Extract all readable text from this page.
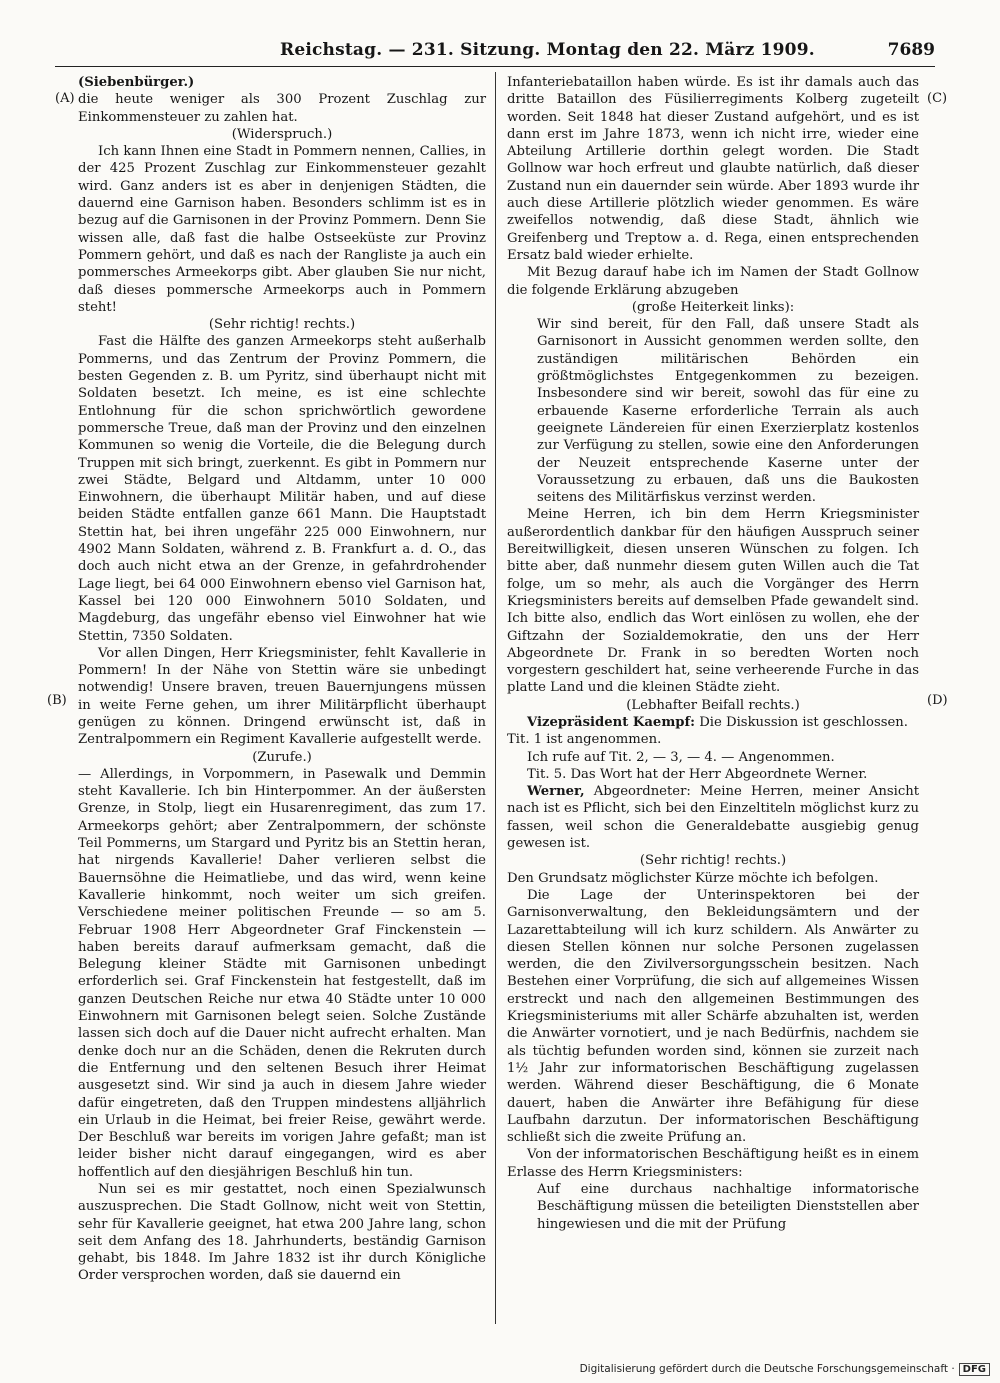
Reichstag. — 231. Sitzung. Montag den 22. März 1909.	7689
(A)
(B)
(C)
(D)

(Siebenbürger.)

die heute weniger als 300 Prozent Zuschlag zur Einkommensteuer zu zahlen hat.

(Widerspruch.)

Ich kann Ihnen eine Stadt in Pommern nennen, Callies, in der 425 Prozent Zuschlag zur Einkommensteuer gezahlt wird. Ganz anders ist es aber in denjenigen Städten, die dauernd eine Garnison haben. Besonders schlimm ist es in bezug auf die Garnisonen in der Provinz Pommern. Denn Sie wissen alle, daß fast die halbe Ostseeküste zur Provinz Pommern gehört, und daß es nach der Rangliste ja auch ein pommersches Armeekorps gibt. Aber glauben Sie nur nicht, daß dieses pommersche Armeekorps auch in Pommern steht!

(Sehr richtig! rechts.)

Fast die Hälfte des ganzen Armeekorps steht außerhalb Pommerns, und das Zentrum der Provinz Pommern, die besten Gegenden z. B. um Pyritz, sind überhaupt nicht mit Soldaten besetzt. Ich meine, es ist eine schlechte Entlohnung für die schon sprichwörtlich gewordene pommersche Treue, daß man der Provinz und den einzelnen Kommunen so wenig die Vorteile, die die Belegung durch Truppen mit sich bringt, zuerkennt. Es gibt in Pommern nur zwei Städte, Belgard und Altdamm, unter 10 000 Einwohnern, die überhaupt Militär haben, und auf diese beiden Städte entfallen ganze 661 Mann. Die Hauptstadt Stettin hat, bei ihren ungefähr 225 000 Einwohnern, nur 4902 Mann Soldaten, während z. B. Frankfurt a. d. O., das doch auch nicht etwa an der Grenze, in gefahrdrohender Lage liegt, bei 64 000 Einwohnern ebenso viel Garnison hat, Kassel bei 120 000 Einwohnern 5010 Soldaten, und Magdeburg, das ungefähr ebenso viel Einwohner hat wie Stettin, 7350 Soldaten.

Vor allen Dingen, Herr Kriegsminister, fehlt Kavallerie in Pommern! In der Nähe von Stettin wäre sie unbedingt notwendig! Unsere braven, treuen Bauernjungens müssen in weite Ferne gehen, um ihrer Militärpflicht überhaupt genügen zu können. Dringend erwünscht ist, daß in Zentralpommern ein Regiment Kavallerie aufgestellt werde.

(Zurufe.)

— Allerdings, in Vorpommern, in Pasewalk und Demmin steht Kavallerie. Ich bin Hinterpommer. An der äußersten Grenze, in Stolp, liegt ein Husarenregiment, das zum 17. Armeekorps gehört; aber Zentralpommern, der schönste Teil Pommerns, um Stargard und Pyritz bis an Stettin heran, hat nirgends Kavallerie! Daher verlieren selbst die Bauernsöhne die Heimatliebe, und das wird, wenn keine Kavallerie hinkommt, noch weiter um sich greifen. Verschiedene meiner politischen Freunde — so am 5. Februar 1908 Herr Abgeordneter Graf Finckenstein — haben bereits darauf aufmerksam gemacht, daß die Belegung kleiner Städte mit Garnisonen unbedingt erforderlich sei. Graf Finckenstein hat festgestellt, daß im ganzen Deutschen Reiche nur etwa 40 Städte unter 10 000 Einwohnern mit Garnisonen belegt seien. Solche Zustände lassen sich doch auf die Dauer nicht aufrecht erhalten. Man denke doch nur an die Schäden, denen die Rekruten durch die Entfernung und den seltenen Besuch ihrer Heimat ausgesetzt sind. Wir sind ja auch in diesem Jahre wieder dafür eingetreten, daß den Truppen mindestens alljährlich ein Urlaub in die Heimat, bei freier Reise, gewährt werde. Der Beschluß war bereits im vorigen Jahre gefaßt; man ist leider bisher nicht darauf eingegangen, wird es aber hoffentlich auf den diesjährigen Beschluß hin tun.

Nun sei es mir gestattet, noch einen Spezialwunsch auszusprechen. Die Stadt Gollnow, nicht weit von Stettin, sehr für Kavallerie geeignet, hat etwa 200 Jahre lang, schon seit dem Anfang des 18. Jahrhunderts, beständig Garnison gehabt, bis 1848. Im Jahre 1832 ist ihr durch Königliche Order versprochen worden, daß sie dauernd ein

Infanteriebataillon haben würde. Es ist ihr damals auch das dritte Bataillon des Füsilierregiments Kolberg zugeteilt worden. Seit 1848 hat dieser Zustand aufgehört, und es ist dann erst im Jahre 1873, wenn ich nicht irre, wieder eine Abteilung Artillerie dorthin gelegt worden. Die Stadt Gollnow war hoch erfreut und glaubte natürlich, daß dieser Zustand nun ein dauernder sein würde. Aber 1893 wurde ihr auch diese Artillerie plötzlich wieder genommen. Es wäre zweifellos notwendig, daß diese Stadt, ähnlich wie Greifenberg und Treptow a. d. Rega, einen entsprechenden Ersatz bald wieder erhielte.

Mit Bezug darauf habe ich im Namen der Stadt Gollnow die folgende Erklärung abzugeben

(große Heiterkeit links):

Wir sind bereit, für den Fall, daß unsere Stadt als Garnisonort in Aussicht genommen werden sollte, den zuständigen militärischen Behörden ein größtmöglichstes Entgegenkommen zu bezeigen. Insbesondere sind wir bereit, sowohl das für eine zu erbauende Kaserne erforderliche Terrain als auch geeignete Ländereien für einen Exerzierplatz kostenlos zur Verfügung zu stellen, sowie eine den Anforderungen der Neuzeit entsprechende Kaserne unter der Voraussetzung zu erbauen, daß uns die Baukosten seitens des Militärfiskus verzinst werden.

Meine Herren, ich bin dem Herrn Kriegsminister außerordentlich dankbar für den häufigen Ausspruch seiner Bereitwilligkeit, diesen unseren Wünschen zu folgen. Ich bitte aber, daß nunmehr diesem guten Willen auch die Tat folge, um so mehr, als auch die Vorgänger des Herrn Kriegsministers bereits auf demselben Pfade gewandelt sind. Ich bitte also, endlich das Wort einlösen zu wollen, ehe der Giftzahn der Sozialdemokratie, den uns der Herr Abgeordnete Dr. Frank in so beredten Worten noch vorgestern geschildert hat, seine verheerende Furche in das platte Land und die kleinen Städte zieht.

(Lebhafter Beifall rechts.)

Vizepräsident Kaempf: Die Diskussion ist geschlossen.

Tit. 1 ist angenommen.

Ich rufe auf Tit. 2, — 3, — 4. — Angenommen.

Tit. 5. Das Wort hat der Herr Abgeordnete Werner.

Werner, Abgeordneter: Meine Herren, meiner Ansicht nach ist es Pflicht, sich bei den Einzeltiteln möglichst kurz zu fassen, weil schon die Generaldebatte ausgiebig genug gewesen ist.

(Sehr richtig! rechts.)

Den Grundsatz möglichster Kürze möchte ich befolgen.

Die Lage der Unterinspektoren bei der Garnisonverwaltung, den Bekleidungsämtern und der Lazarettabteilung will ich kurz schildern. Als Anwärter zu diesen Stellen können nur solche Personen zugelassen werden, die den Zivilversorgungsschein besitzen. Nach Bestehen einer Vorprüfung, die sich auf allgemeines Wissen erstreckt und nach den allgemeinen Bestimmungen des Kriegsministeriums mit aller Schärfe abzuhalten ist, werden die Anwärter vornotiert, und je nach Bedürfnis, nachdem sie als tüchtig befunden worden sind, können sie zurzeit nach 1½ Jahr zur informatorischen Beschäftigung zugelassen werden. Während dieser Beschäftigung, die 6 Monate dauert, haben die Anwärter ihre Befähigung für diese Laufbahn darzutun. Der informatorischen Beschäftigung schließt sich die zweite Prüfung an.

Von der informatorischen Beschäftigung heißt es in einem Erlasse des Herrn Kriegsministers:

Auf eine durchaus nachhaltige informatorische Beschäftigung müssen die beteiligten Dienststellen aber hingewiesen und die mit der Prüfung

Digitalisierung gefördert durch die Deutsche Forschungsgemeinschaft · DFG
